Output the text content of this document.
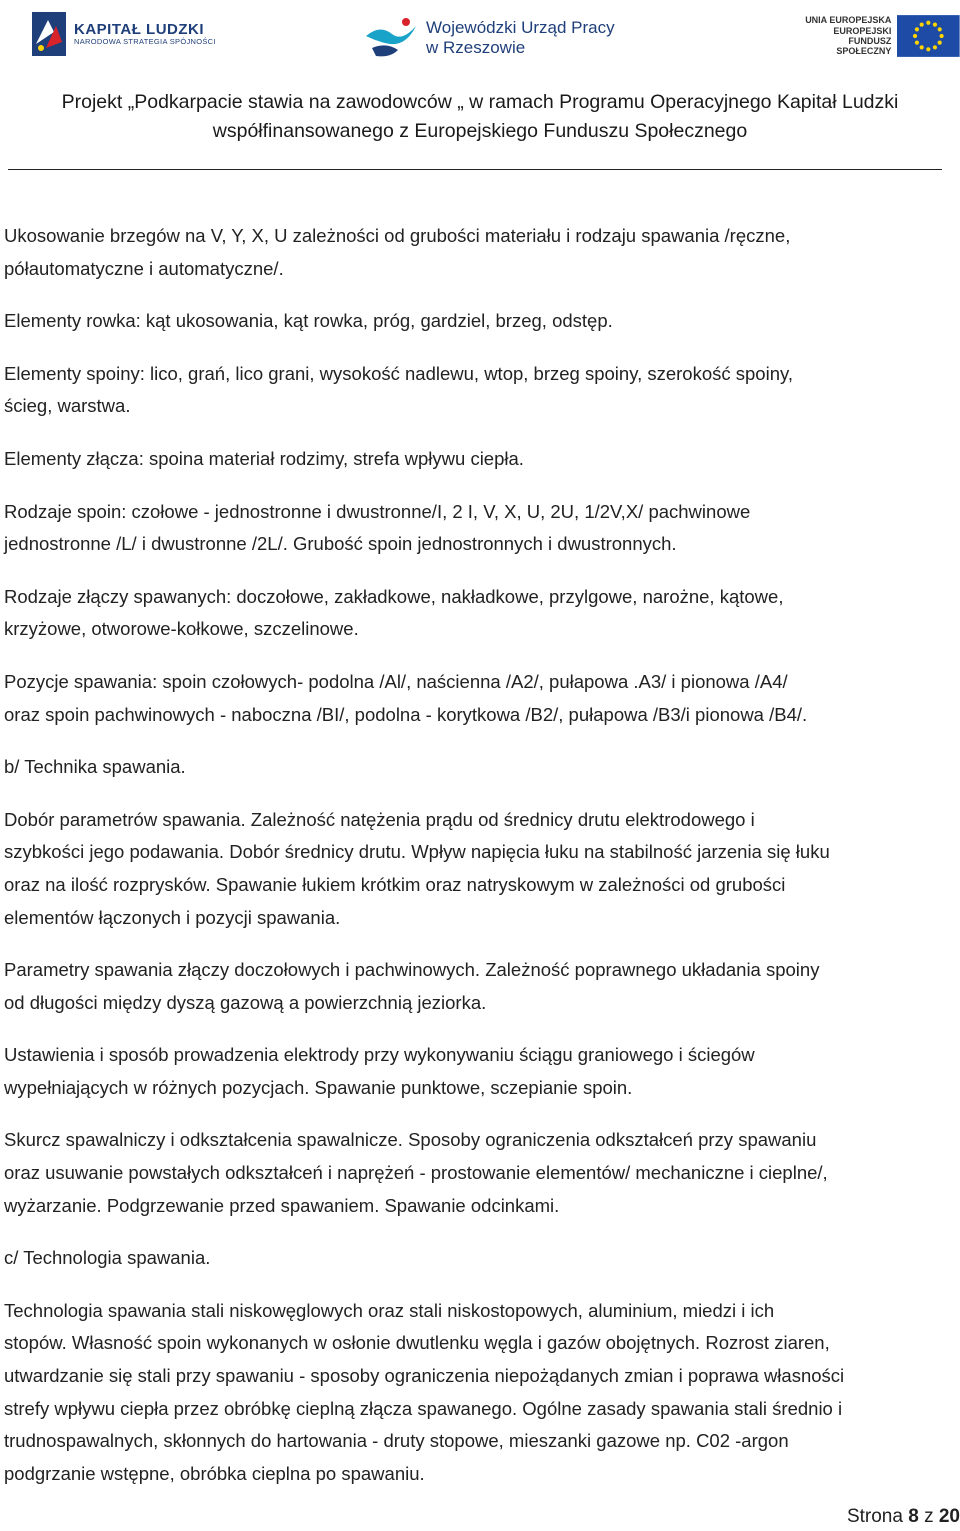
KAPITAŁ LUDZKI
NARODOWA STRATEGIA SPÓJNOŚCI
Wojewódzki Urząd Pracy
w Rzeszowie
UNIA EUROPEJSKA
EUROPEJSKI
FUNDUSZ SPOŁECZNY
Projekt „Podkarpacie stawia na zawodowców „ w ramach Programu Operacyjnego Kapitał Ludzki
współfinansowanego z Europejskiego Funduszu Społecznego

Ukosowanie brzegów na V, Y, X, U zależności od grubości materiału i rodzaju spawania /ręczne,
półautomatyczne i automatyczne/.

Elementy rowka: kąt ukosowania, kąt rowka, próg, gardziel, brzeg, odstęp.

Elementy spoiny: lico, grań, lico grani, wysokość nadlewu, wtop, brzeg spoiny, szerokość spoiny,
ścieg, warstwa.

Elementy złącza: spoina materiał rodzimy, strefa wpływu ciepła.

Rodzaje spoin: czołowe - jednostronne i dwustronne/I, 2 I, V, X, U, 2U, 1/2V,X/ pachwinowe
jednostronne /L/ i dwustronne /2L/. Grubość spoin jednostronnych i dwustronnych.

Rodzaje złączy spawanych: doczołowe, zakładkowe, nakładkowe, przylgowe, narożne, kątowe,
krzyżowe, otworowe-kołkowe, szczelinowe.

Pozycje spawania: spoin czołowych- podolna /Al/, naścienna /A2/, pułapowa .A3/ i pionowa /A4/
oraz spoin pachwinowych - naboczna /BI/, podolna - korytkowa /B2/, pułapowa /B3/i pionowa /B4/.

b/ Technika spawania.

Dobór parametrów spawania. Zależność natężenia prądu od średnicy drutu elektrodowego i
szybkości jego podawania. Dobór średnicy drutu. Wpływ napięcia łuku na stabilność jarzenia się łuku
oraz na ilość rozprysków. Spawanie łukiem krótkim oraz natryskowym w zależności od grubości
elementów łączonych i pozycji spawania.

Parametry spawania złączy doczołowych i pachwinowych. Zależność poprawnego układania spoiny
od długości między dyszą gazową a powierzchnią jeziorka.

Ustawienia i sposób prowadzenia elektrody przy wykonywaniu ściągu graniowego i ściegów
wypełniających w różnych pozycjach. Spawanie punktowe, sczepianie spoin.

Skurcz spawalniczy i odkształcenia spawalnicze. Sposoby ograniczenia odkształceń przy spawaniu
oraz usuwanie powstałych odkształceń i naprężeń - prostowanie elementów/ mechaniczne i cieplne/,
wyżarzanie. Podgrzewanie przed spawaniem. Spawanie odcinkami.

c/ Technologia spawania.

Technologia spawania stali niskowęglowych oraz stali niskostopowych, aluminium, miedzi i ich
stopów. Własność spoin wykonanych w osłonie dwutlenku węgla i gazów obojętnych. Rozrost ziaren,
utwardzanie się stali przy spawaniu - sposoby ograniczenia niepożądanych zmian i poprawa własności
strefy wpływu ciepła przez obróbkę cieplną złącza spawanego. Ogólne zasady spawania stali średnio i
trudnospawalnych, skłonnych do hartowania - druty stopowe, mieszanki gazowe np. C02 -argon
podgrzanie wstępne, obróbka cieplna po spawaniu.

Strona 8 z 20
